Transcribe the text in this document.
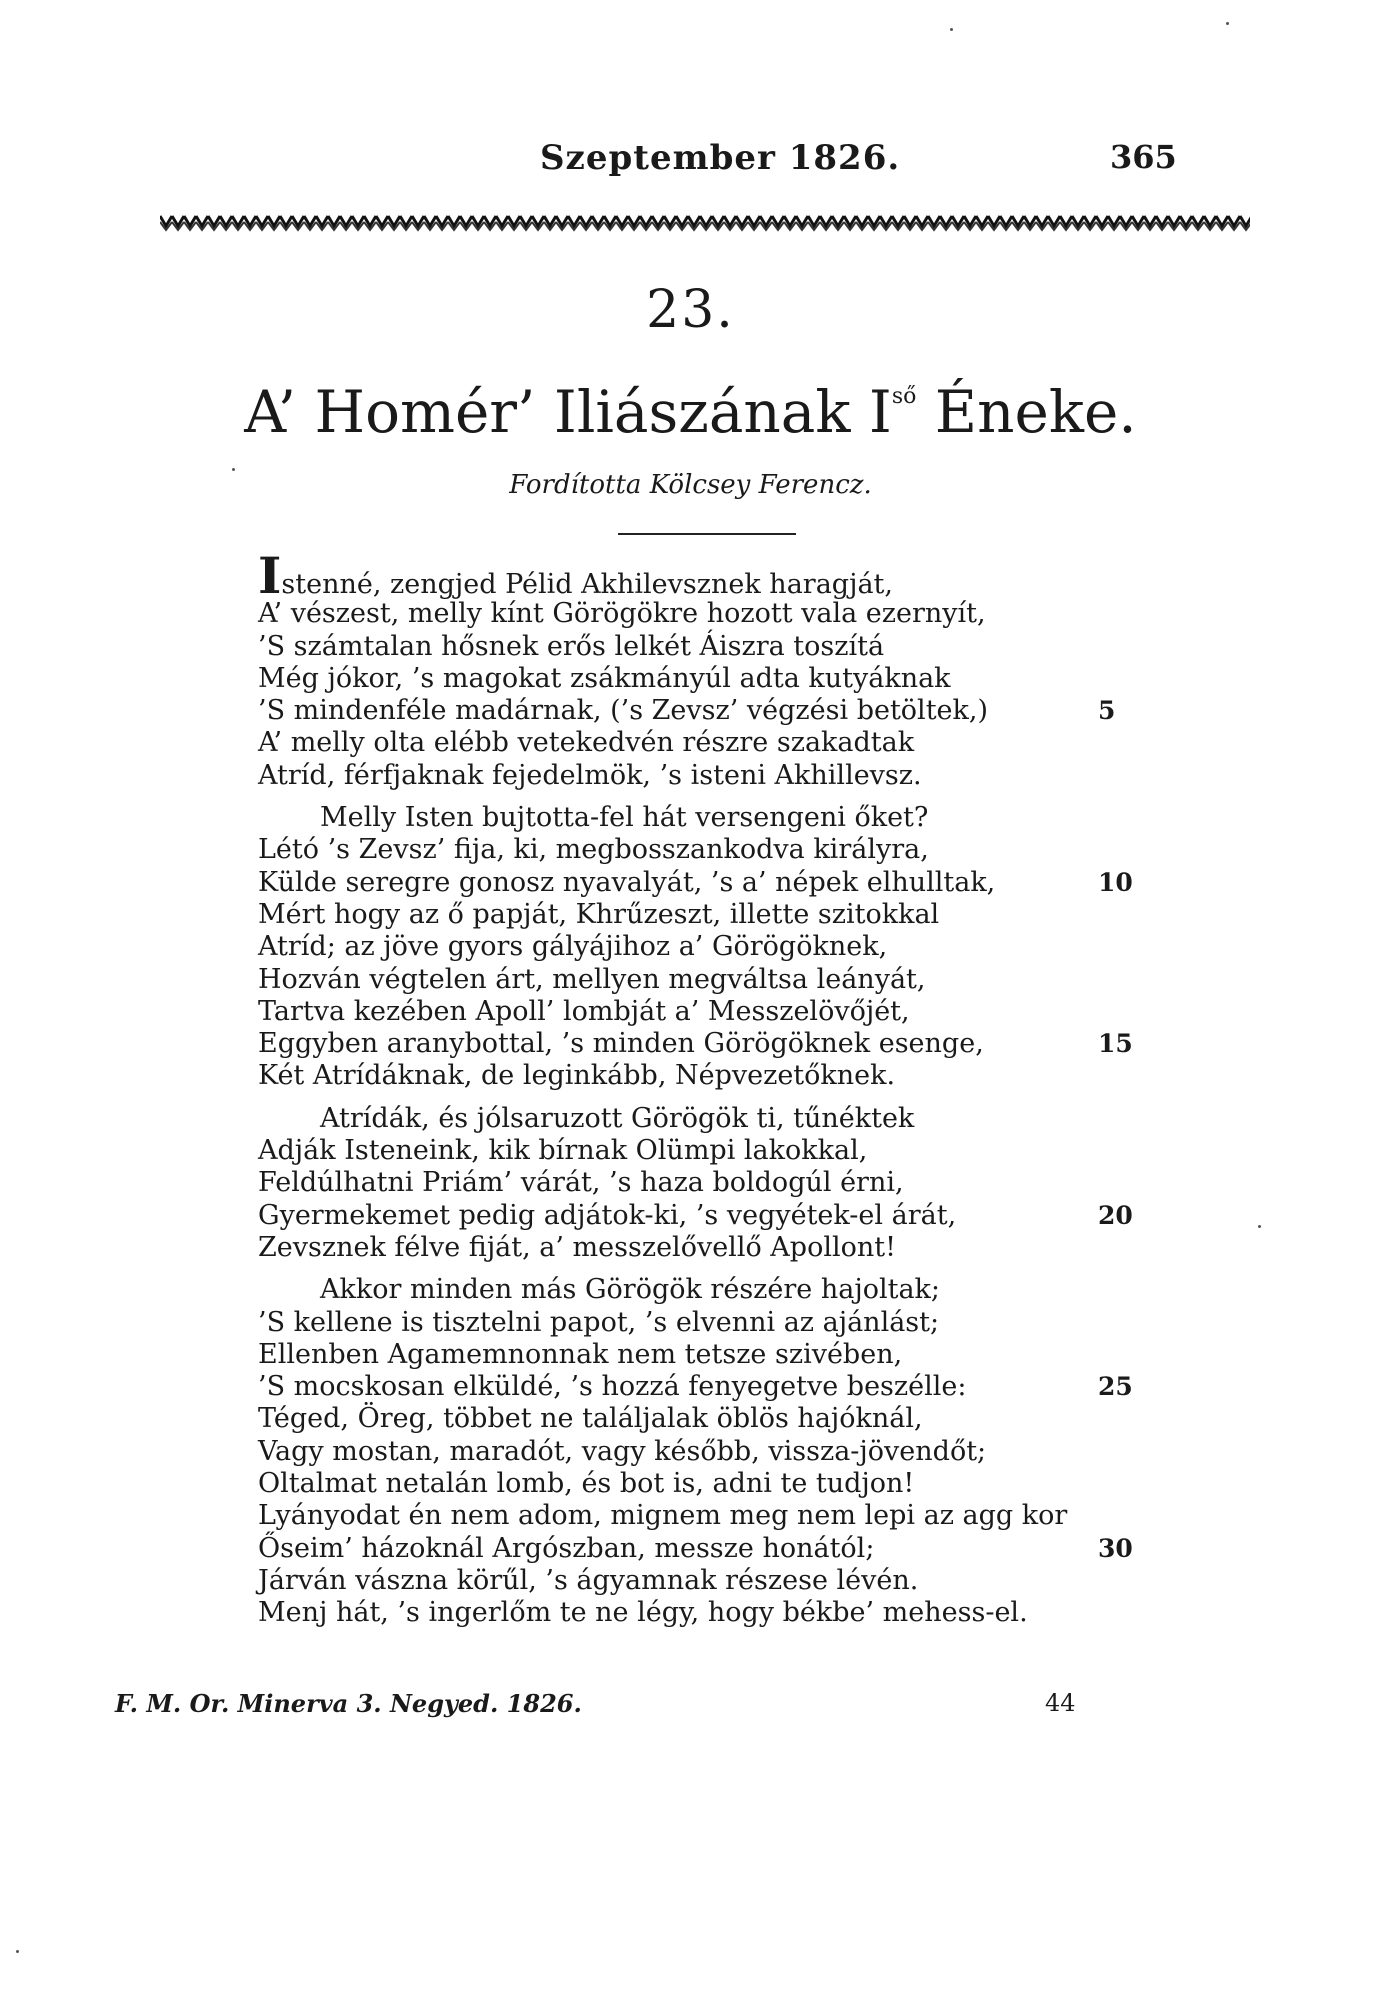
Szeptember 1826.	365
23.
A’ Homér’ Iliászának $I^{ső}$ Éneke.
Fordította Kölcsey Ferencz.
Istenné, zengjed Pélid Akhilevsznek haragját,
A’ vészest, melly kínt Görögökre hozott vala ezernyít,
’S számtalan hősnek erős lelkét Áiszra toszítá
Még jókor, ’s magokat zsákmányúl adta kutyáknak
’S mindenféle madárnak, (’s Zevsz’ végzési betöltek,)	5
A’ melly olta elébb vetekedvén részre szakadtak
Atríd, férfjaknak fejedelmök, ’s isteni Akhillevsz.
Melly Isten bujtotta-fel hát versengeni őket?
Létó ’s Zevsz’ fija, ki, megbosszankodva királyra,
Külde seregre gonosz nyavalyát, ’s a’ népek elhulltak,	10
Mért hogy az ő papját, Khrűzeszt, illette szitokkal
Atríd; az jöve gyors gályájihoz a’ Görögöknek,
Hozván végtelen árt, mellyen megváltsa leányát,
Tartva kezében Apoll’ lombját a’ Messzelövőjét,
Eggyben aranybottal, ’s minden Görögöknek esenge,	15
Két Atrídáknak, de leginkább, Népvezetőknek.
Atrídák, és jólsaruzott Görögök ti, tűnéktek
Adják Isteneink, kik bírnak Olümpi lakokkal,
Feldúlhatni Priám’ várát, ’s haza boldogúl érni,
Gyermekemet pedig adjátok-ki, ’s vegyétek-el árát,	20
Zevsznek félve fiját, a’ messzelővellő Apollont!
Akkor minden más Görögök részére hajoltak;
’S kellene is tisztelni papot, ’s elvenni az ajánlást;
Ellenben Agamemnonnak nem tetsze szivében,
’S mocskosan elküldé, ’s hozzá fenyegetve beszélle:	25
Téged, Öreg, többet ne találjalak öblös hajóknál,
Vagy mostan, maradót, vagy később, vissza-jövendőt;
Oltalmat netalán lomb, és bot is, adni te tudjon!
Lyányodat én nem adom, mignem meg nem lepi az agg kor
Őseim’ házoknál Argószban, messze honától;	30
Járván vászna körűl, ’s ágyamnak részese lévén.
Menj hát, ’s ingerlőm te ne légy, hogy békbe’ mehess-el.
F. M. Or. Minerva 3. Negyed. 1826.	44
